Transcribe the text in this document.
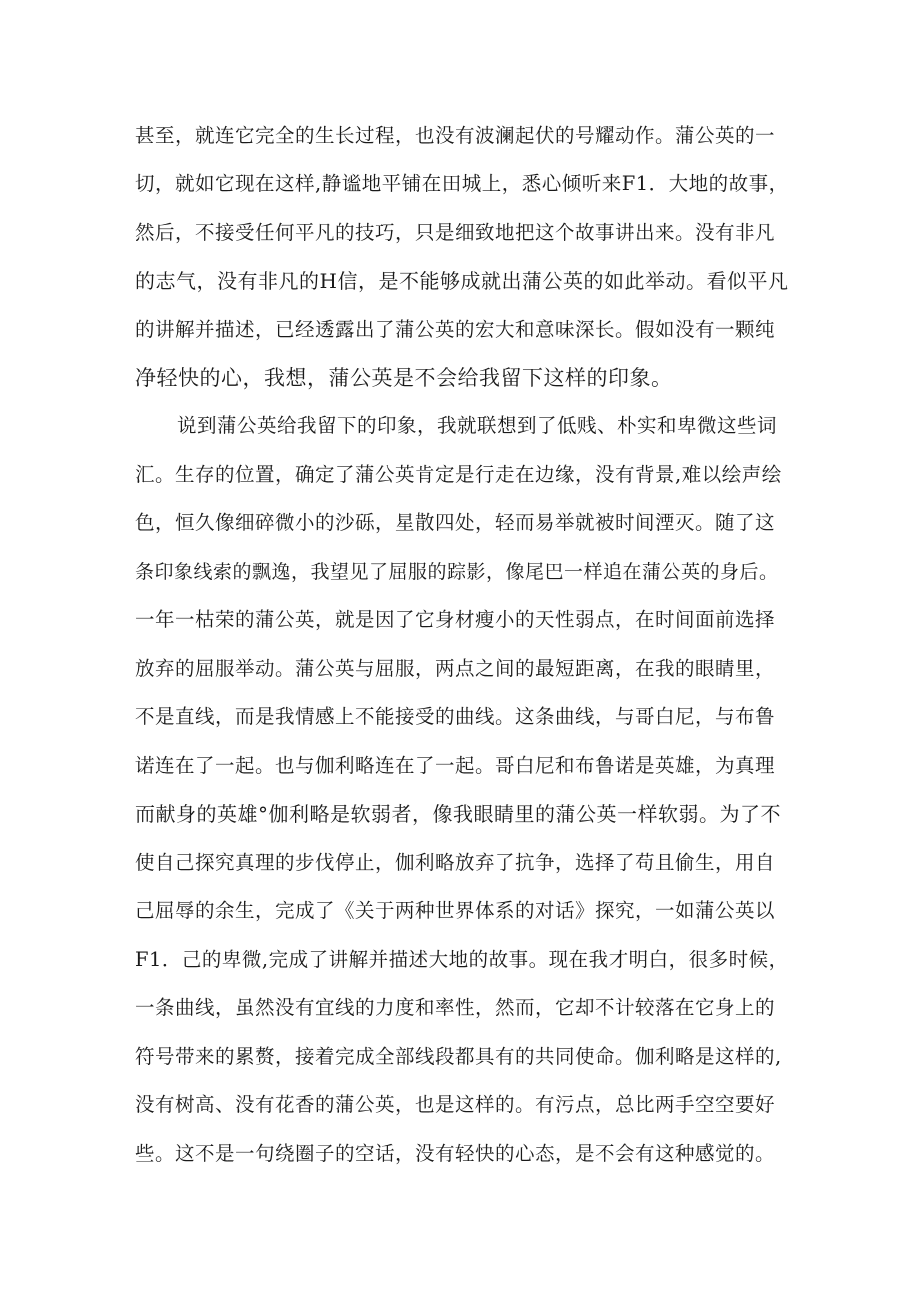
甚至，就连它完全的生长过程，也没有波澜起伏的号耀动作。蒲公英的一
切，就如它现在这样,静谧地平铺在田城上，悉心倾听来F1．大地的故事，
然后，不接受任何平凡的技巧，只是细致地把这个故事讲出来。没有非凡
的志气，没有非凡的H信，是不能够成就出蒲公英的如此举动。看似平凡
的讲解并描述，已经透露出了蒲公英的宏大和意味深长。假如没有一颗纯
净轻快的心，我想，蒲公英是不会给我留下这样的印象。
说到蒲公英给我留下的印象，我就联想到了低贱、朴实和卑微这些词
汇。生存的位置，确定了蒲公英肯定是行走在边缘，没有背景,难以绘声绘
色，恒久像细碎微小的沙砾，星散四处，轻而易举就被时间湮灭。随了这
条印象线索的飘逸，我望见了屈服的踪影，像尾巴一样追在蒲公英的身后。
一年一枯荣的蒲公英，就是因了它身材瘦小的天性弱点，在时间面前选择
放弃的屈服举动。蒲公英与屈服，两点之间的最短距离，在我的眼睛里，
不是直线，而是我情感上不能接受的曲线。这条曲线，与哥白尼，与布鲁
诺连在了一起。也与伽利略连在了一起。哥白尼和布鲁诺是英雄，为真理
而献身的英雄°伽利略是软弱者，像我眼睛里的蒲公英一样软弱。为了不
使自己探究真理的步伐停止，伽利略放弃了抗争，选择了苟且偷生，用自
己屈辱的余生，完成了《关于两种世界体系的对话》探究，一如蒲公英以
F1．己的卑微,完成了讲解并描述大地的故事。现在我才明白，很多时候，
一条曲线，虽然没有宜线的力度和率性，然而，它却不计较落在它身上的
符号带来的累赘，接着完成全部线段都具有的共同使命。伽利略是这样的,
没有树高、没有花香的蒲公英，也是这样的。有污点，总比两手空空要好
些。这不是一句绕圈子的空话，没有轻快的心态，是不会有这种感觉的。
